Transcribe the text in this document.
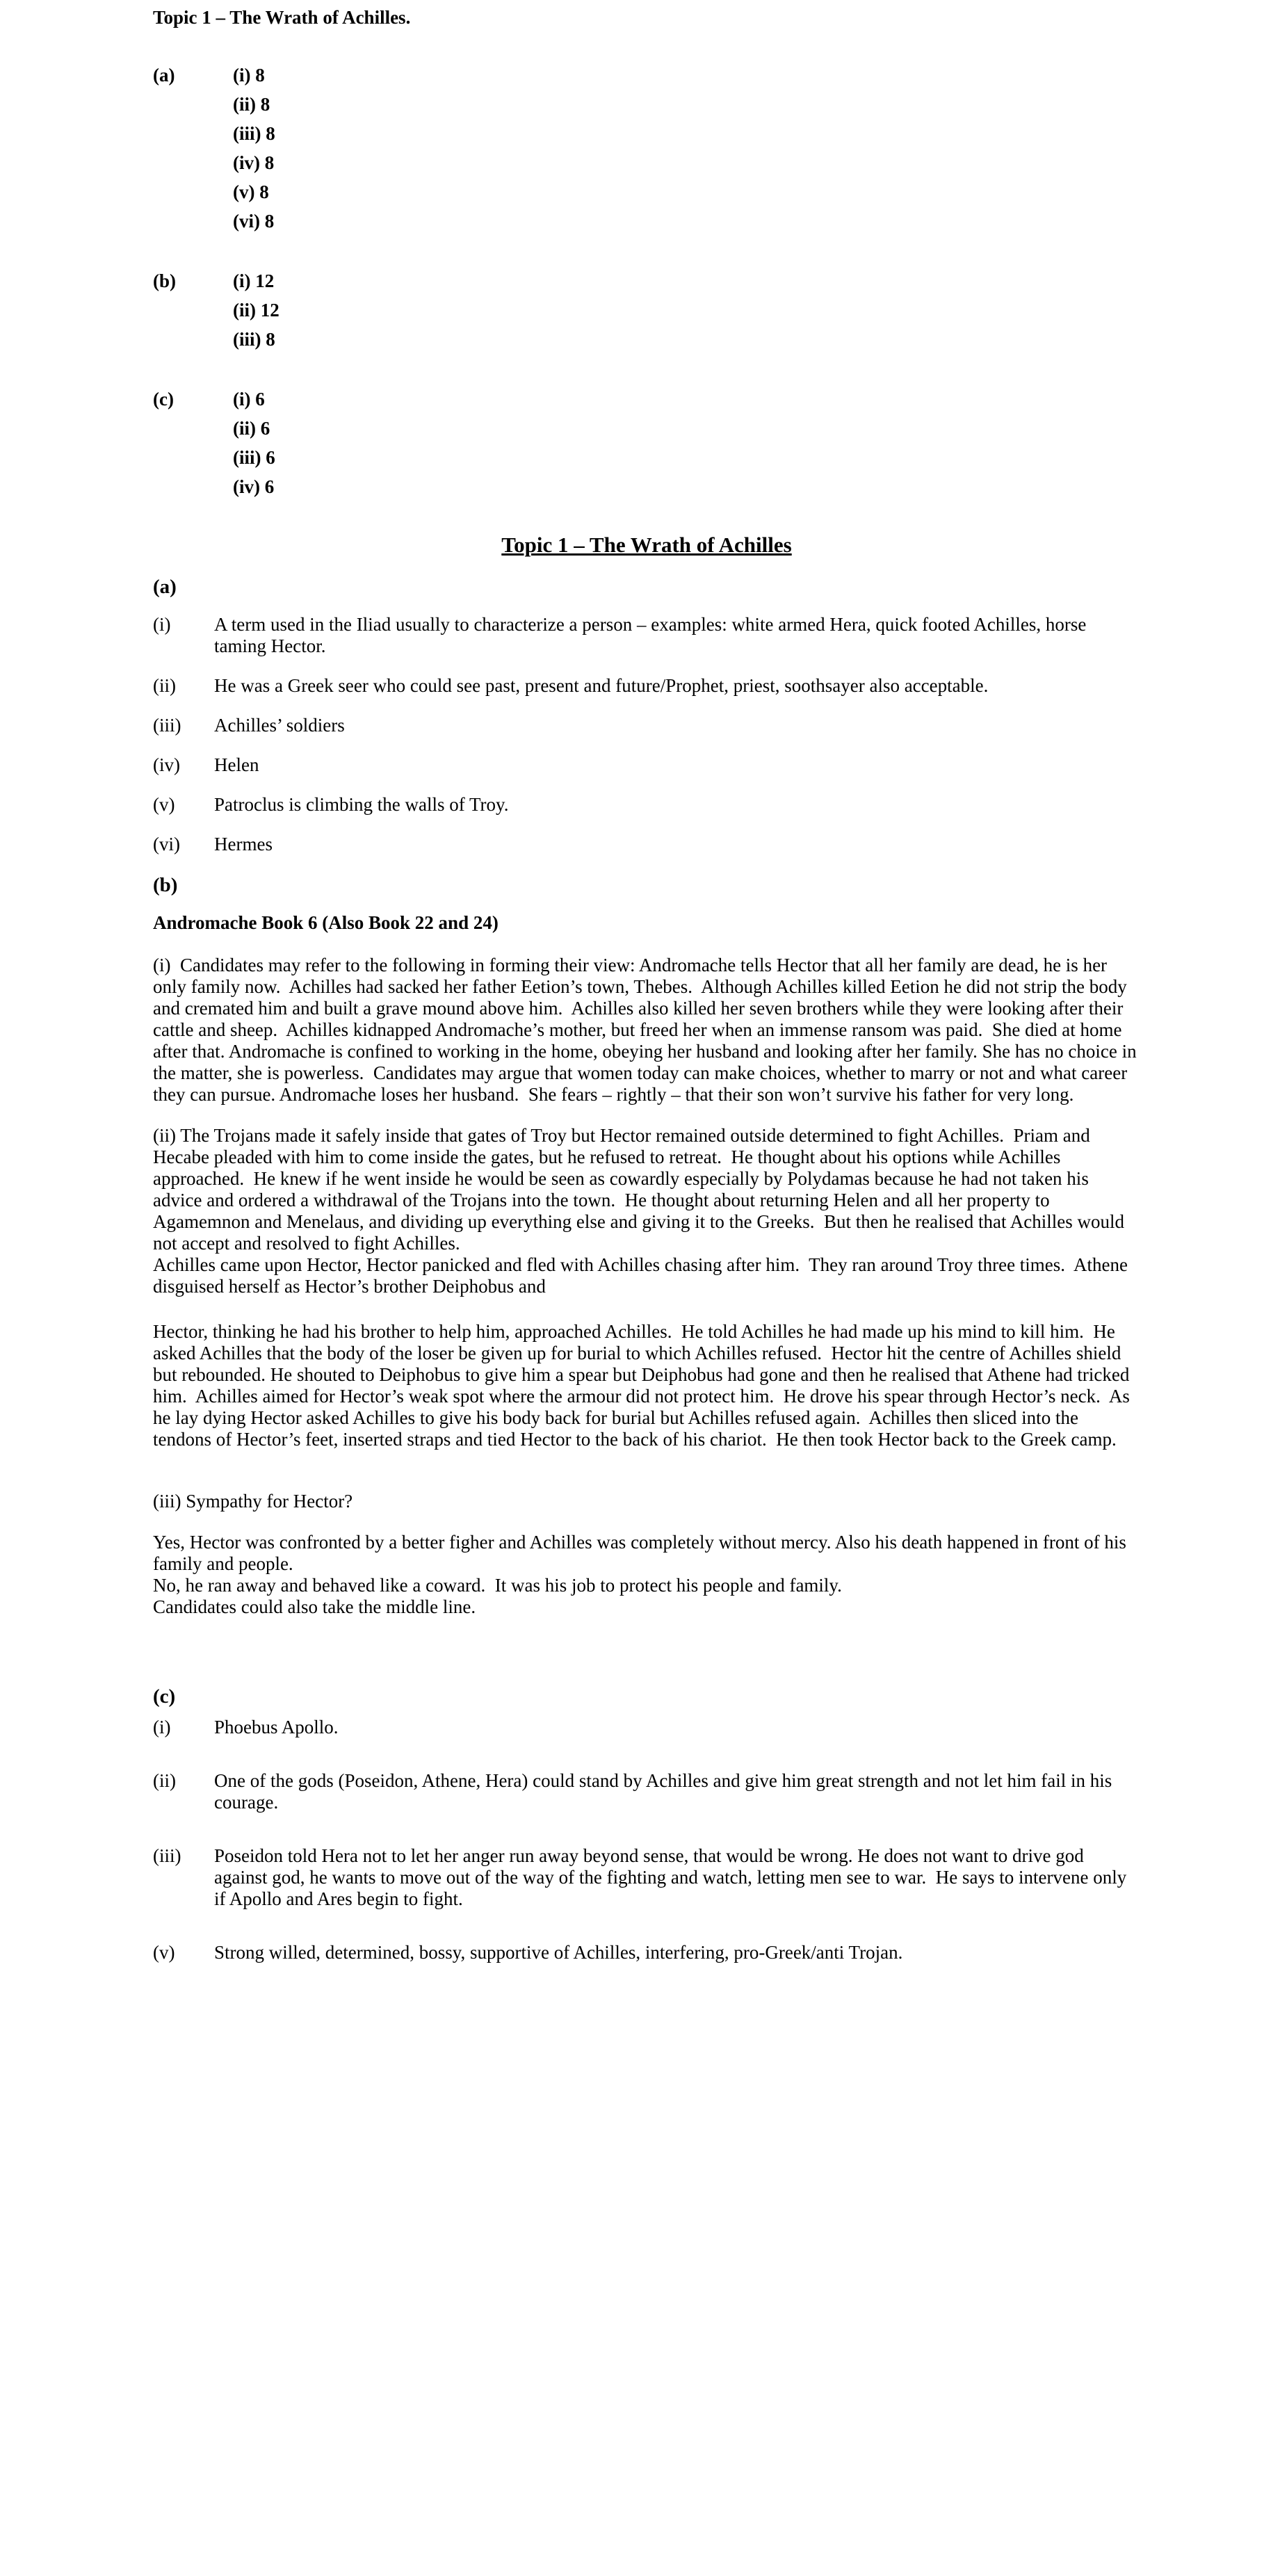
Topic 1 – The Wrath of Achilles.
(a)	(i) 8
(ii) 8
(iii) 8
(iv) 8
(v) 8
(vi) 8
(b)	(i) 12
(ii) 12
(iii) 8
(c)	(i) 6
(ii) 6
(iii) 6
(iv) 6
Topic 1 – The Wrath of Achilles
(a)
(i)	A term used in the Iliad usually to characterize a person – examples: white armed Hera, quick footed Achilles, horse taming Hector.
(ii)	He was a Greek seer who could see past, present and future/Prophet, priest, soothsayer also acceptable.
(iii)	Achilles’ soldiers
(iv)	Helen
(v)	Patroclus is climbing the walls of Troy.
(vi)	Hermes
(b)
Andromache Book 6 (Also Book 22 and 24)

(i)  Candidates may refer to the following in forming their view: Andromache tells Hector that all her family are dead, he is her only family now.  Achilles had sacked her father Eetion’s town, Thebes.  Although Achilles killed Eetion he did not strip the body and cremated him and built a grave mound above him.  Achilles also killed her seven brothers while they were looking after their cattle and sheep.  Achilles kidnapped Andromache’s mother, but freed her when an immense ransom was paid.  She died at home after that. Andromache is confined to working in the home, obeying her husband and looking after her family. She has no choice in the matter, she is powerless.  Candidates may argue that women today can make choices, whether to marry or not and what career they can pursue. Andromache loses her husband.  She fears – rightly – that their son won’t survive his father for very long.

(ii) The Trojans made it safely inside that gates of Troy but Hector remained outside determined to fight Achilles.  Priam and Hecabe pleaded with him to come inside the gates, but he refused to retreat.  He thought about his options while Achilles approached.  He knew if he went inside he would be seen as cowardly especially by Polydamas because he had not taken his advice and ordered a withdrawal of the Trojans into the town.  He thought about returning Helen and all her property to Agamemnon and Menelaus, and dividing up everything else and giving it to the Greeks.  But then he realised that Achilles would not accept and resolved to fight Achilles.

Achilles came upon Hector, Hector panicked and fled with Achilles chasing after him.  They ran around Troy three times.  Athene disguised herself as Hector’s brother Deiphobus and

Hector, thinking he had his brother to help him, approached Achilles.  He told Achilles he had made up his mind to kill him.  He asked Achilles that the body of the loser be given up for burial to which Achilles refused.  Hector hit the centre of Achilles shield but rebounded. He shouted to Deiphobus to give him a spear but Deiphobus had gone and then he realised that Athene had tricked him.  Achilles aimed for Hector’s weak spot where the armour did not protect him.  He drove his spear through Hector’s neck.  As he lay dying Hector asked Achilles to give his body back for burial but Achilles refused again.  Achilles then sliced into the tendons of Hector’s feet, inserted straps and tied Hector to the back of his chariot.  He then took Hector back to the Greek camp.

(iii) Sympathy for Hector?

Yes, Hector was confronted by a better figher and Achilles was completely without mercy. Also his death happened in front of his family and people.

No, he ran away and behaved like a coward.  It was his job to protect his people and family.

Candidates could also take the middle line.

(c)
(i)	Phoebus Apollo.
(ii)	One of the gods (Poseidon, Athene, Hera) could stand by Achilles and give him great strength and not let him fail in his courage.
(iii)	Poseidon told Hera not to let her anger run away beyond sense, that would be wrong. He does not want to drive god against god, he wants to move out of the way of the fighting and watch, letting men see to war.  He says to intervene only if Apollo and Ares begin to fight.
(v)	Strong willed, determined, bossy, supportive of Achilles, interfering, pro-Greek/anti Trojan.
